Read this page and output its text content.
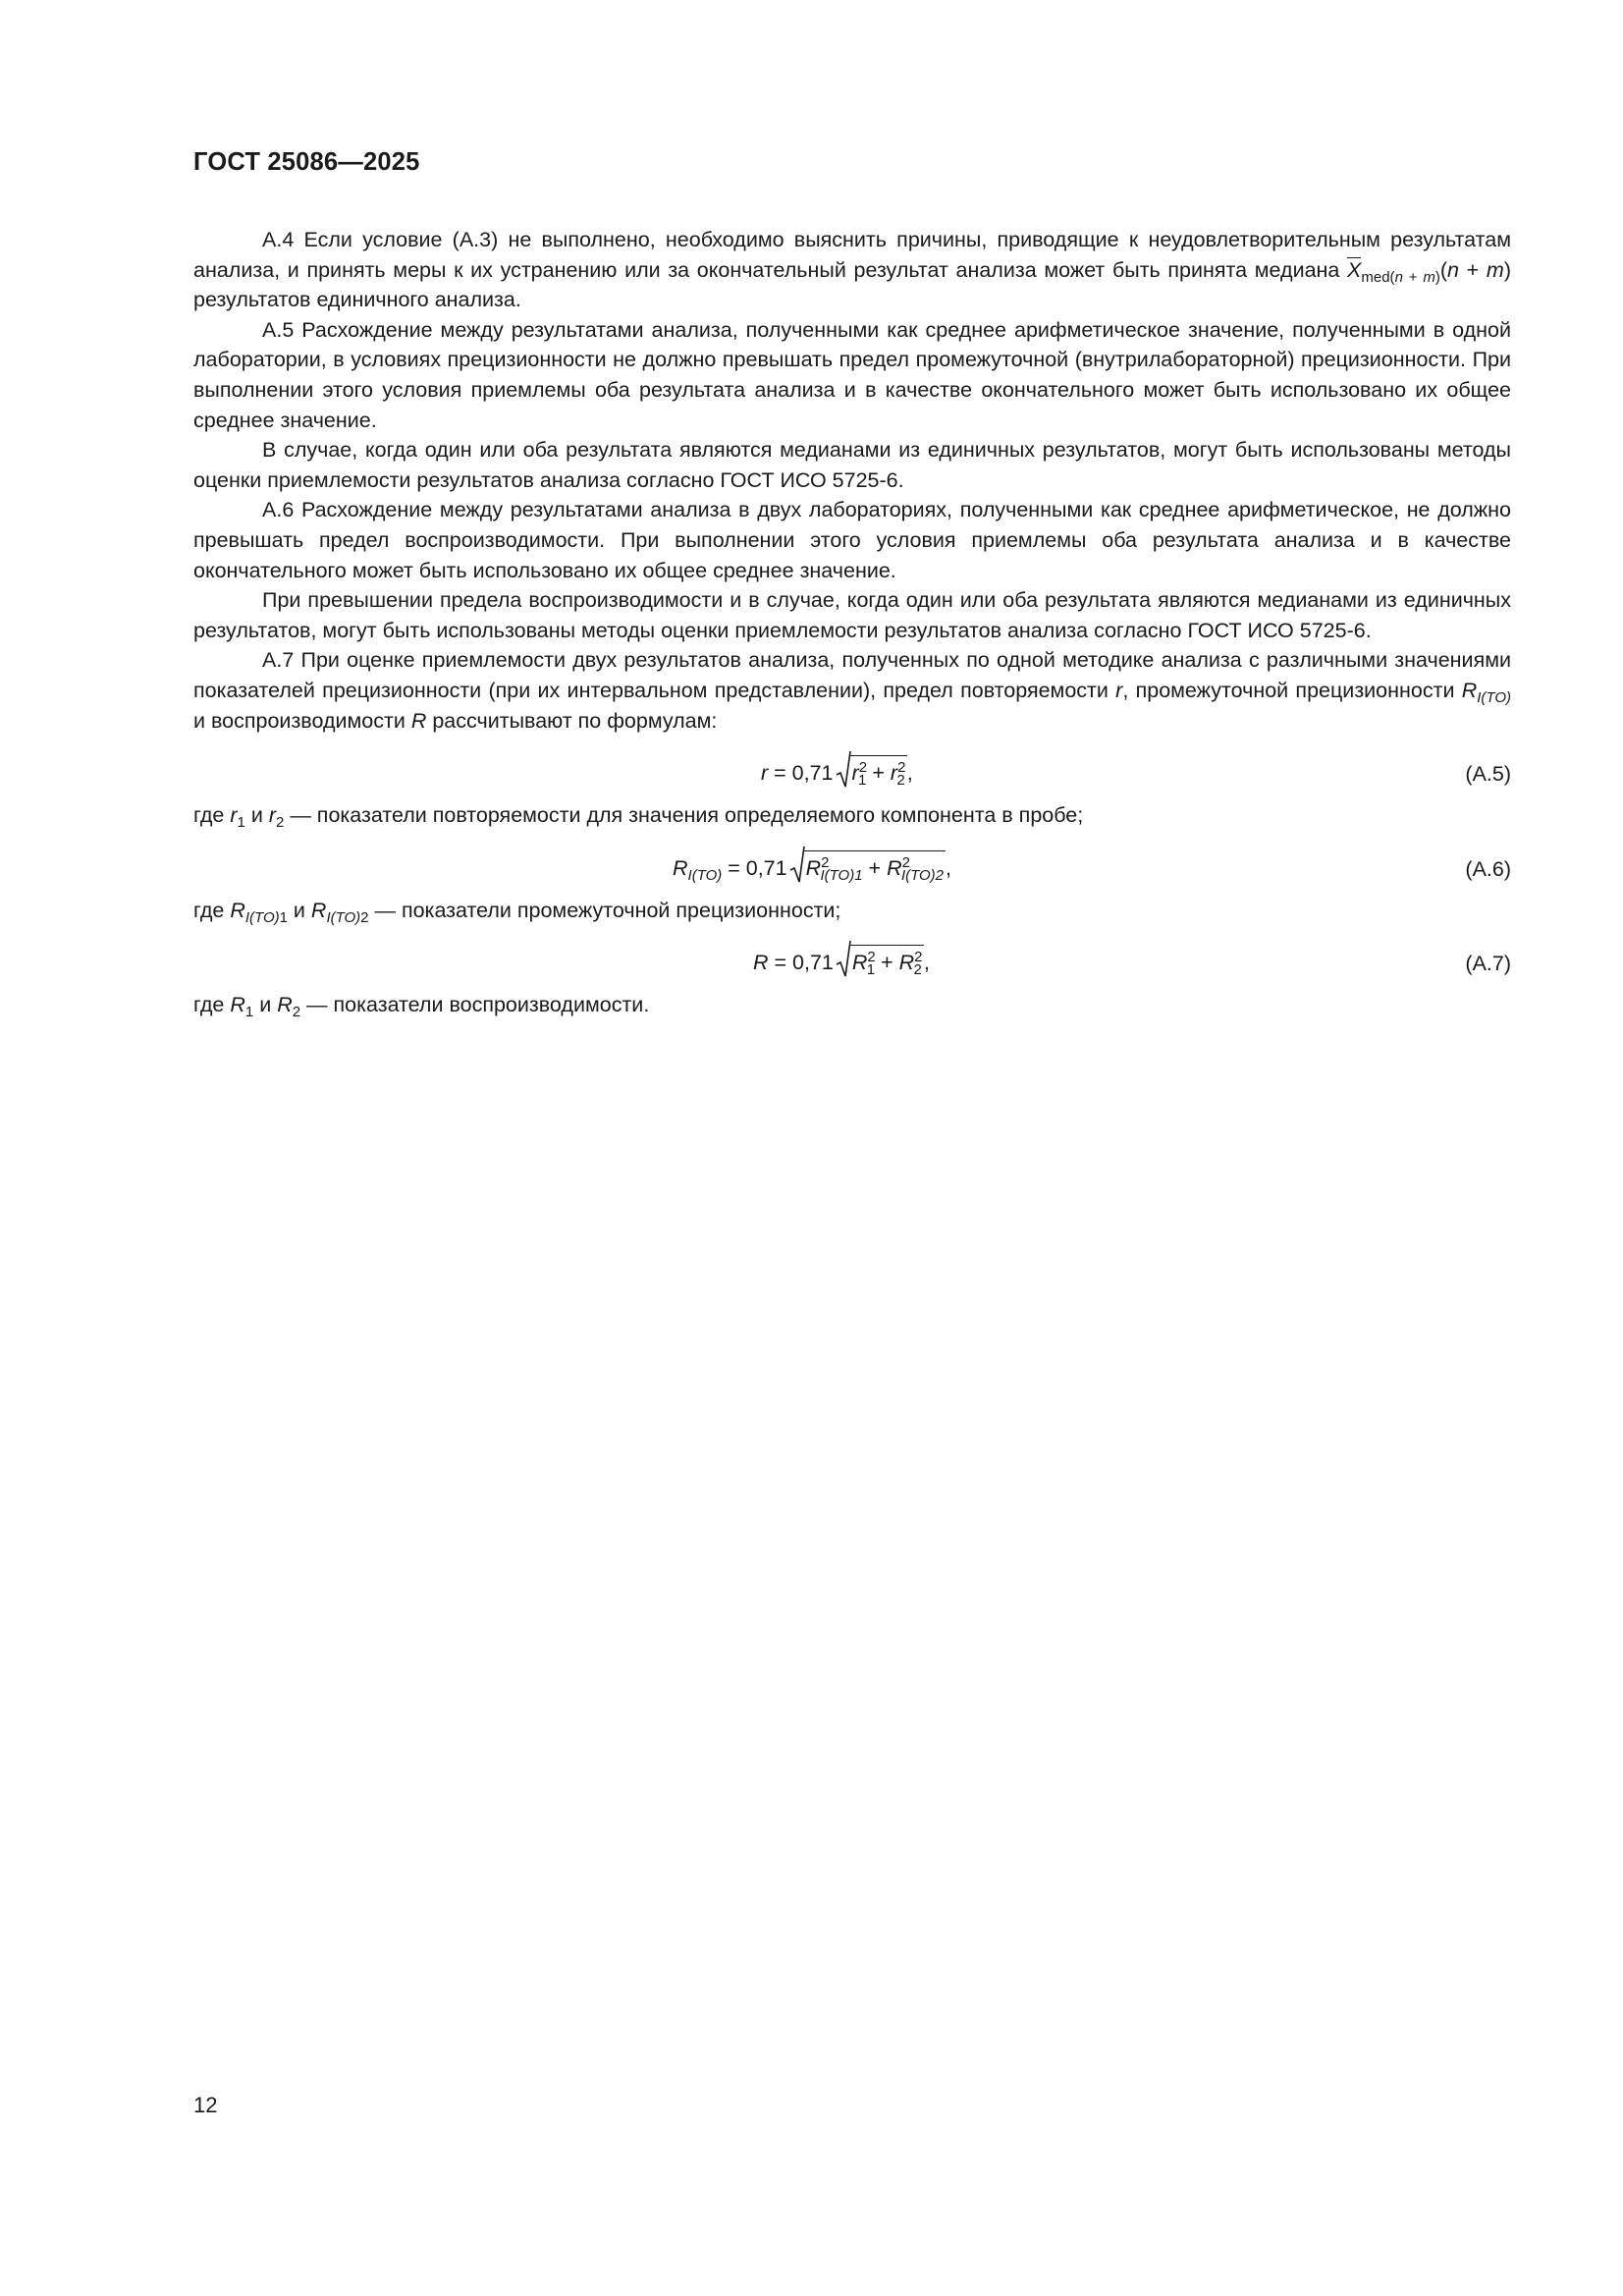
ГОСТ 25086—2025

А.4 Если условие (А.3) не выполнено, необходимо выяснить причины, приводящие к неудовлетворительным результатам анализа, и принять меры к их устранению или за окончательный результат анализа может быть принята медиана $X_{med(n + m)}(n + m)$ результатов единичного анализа.

А.5 Расхождение между результатами анализа, полученными как среднее арифметическое значение, полученными в одной лаборатории, в условиях прецизионности не должно превышать предел промежуточной (внутрилабораторной) прецизионности. При выполнении этого условия приемлемы оба результата анализа и в качестве окончательного может быть использовано их общее среднее значение.

В случае, когда один или оба результата являются медианами из единичных результатов, могут быть использованы методы оценки приемлемости результатов анализа согласно ГОСТ ИСО 5725-6.

А.6 Расхождение между результатами анализа в двух лабораториях, полученными как среднее арифметическое, не должно превышать предел воспроизводимости. При выполнении этого условия приемлемы оба результата анализа и в качестве окончательного может быть использовано их общее среднее значение.

При превышении предела воспроизводимости и в случае, когда один или оба результата являются медианами из единичных результатов, могут быть использованы методы оценки приемлемости результатов анализа согласно ГОСТ ИСО 5725-6.

А.7 При оценке приемлемости двух результатов анализа, полученных по одной методике анализа с различными значениями показателей прецизионности (при их интервальном представлении), предел повторяемости r, промежуточной прецизионности $R_{I(TO)}$ и воспроизводимости R рассчитывают по формулам:

r = 0,71 $r^2_1 + r^2_2$,	(А.5)

где $r_1$ и $r_2$ — показатели повторяемости для значения определяемого компонента в пробе;

$R_{I(TO)} = 0,71$ $R^2_{I(TO)1} + R^2_{I(TO)2}$,	(А.6)

где $R_{I(TO)1}$ и $R_{I(TO)2}$ — показатели промежуточной прецизионности;

R = 0,71 $R^2_1 + R^2_2$,	(А.7)

где $R_1$ и $R_2$ — показатели воспроизводимости.

12
